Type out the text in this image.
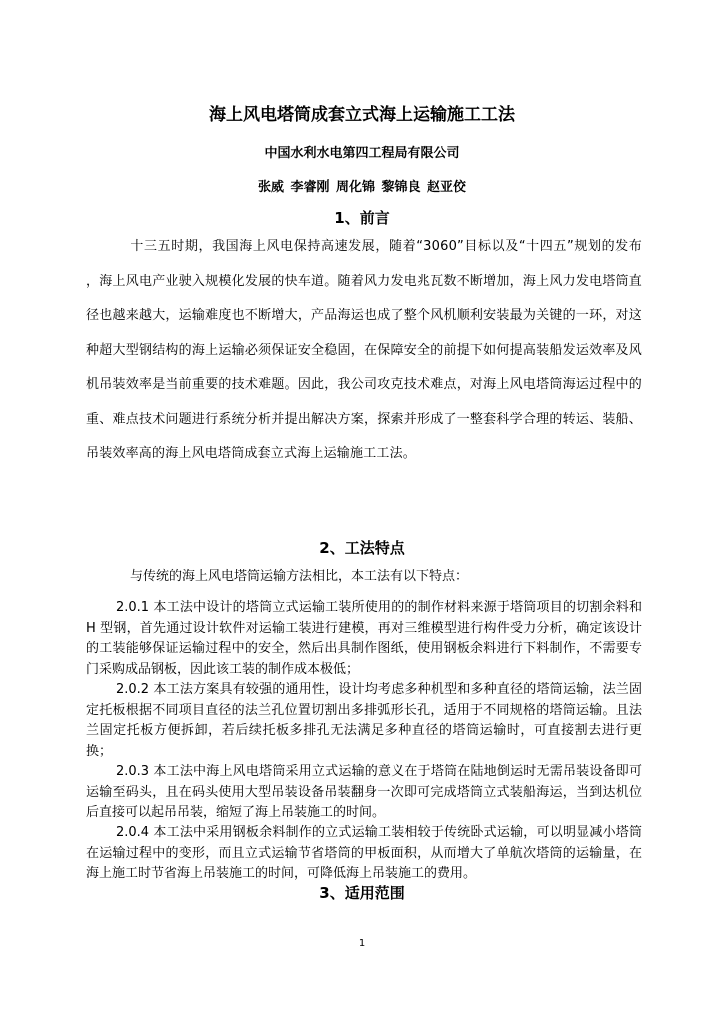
海上风电塔筒成套立式海上运输施工工法
中国水利水电第四工程局有限公司
张威 李睿刚 周化锦 黎锦良 赵亚佼
1、前言
十三五时期，我国海上风电保持高速发展，随着“3060”目标以及“十四五”规划的发布 ，海上风电产业驶入规模化发展的快车道。随着风力发电兆瓦数不断增加，海上风力发电塔筒直径也越来越大，运输难度也不断增大，产品海运也成了整个风机顺利安装最为关键的一环，对这种超大型钢结构的海上运输必须保证安全稳固，在保障安全的前提下如何提高装船发运效率及风机吊装效率是当前重要的技术难题。因此，我公司攻克技术难点，对海上风电塔筒海运过程中的重、难点技术问题进行系统分析并提出解决方案，探索并形成了一整套科学合理的转运、装船、吊装效率高的海上风电塔筒成套立式海上运输施工工法。
2、工法特点
与传统的海上风电塔筒运输方法相比，本工法有以下特点：
2.0.1 本工法中设计的塔筒立式运输工装所使用的的制作材料来源于塔筒项目的切割余料和 H 型钢，首先通过设计软件对运输工装进行建模，再对三维模型进行构件受力分析，确定该设计的工装能够保证运输过程中的安全，然后出具制作图纸，使用钢板余料进行下料制作，不需要专门采购成品钢板，因此该工装的制作成本极低；
2.0.2 本工法方案具有较强的通用性，设计均考虑多种机型和多种直径的塔筒运输，法兰固定托板根据不同项目直径的法兰孔位置切割出多排弧形长孔，适用于不同规格的塔筒运输。且法兰固定托板方便拆卸，若后续托板多排孔无法满足多种直径的塔筒运输时，可直接割去进行更换；
2.0.3 本工法中海上风电塔筒采用立式运输的意义在于塔筒在陆地倒运时无需吊装设备即可运输至码头，且在码头使用大型吊装设备吊装翻身一次即可完成塔筒立式装船海运，当到达机位后直接可以起吊吊装，缩短了海上吊装施工的时间。
2.0.4 本工法中采用钢板余料制作的立式运输工装相较于传统卧式运输，可以明显减小塔筒在运输过程中的变形，而且立式运输节省塔筒的甲板面积，从而增大了单航次塔筒的运输量，在海上施工时节省海上吊装施工的时间，可降低海上吊装施工的费用。
3、适用范围
1
